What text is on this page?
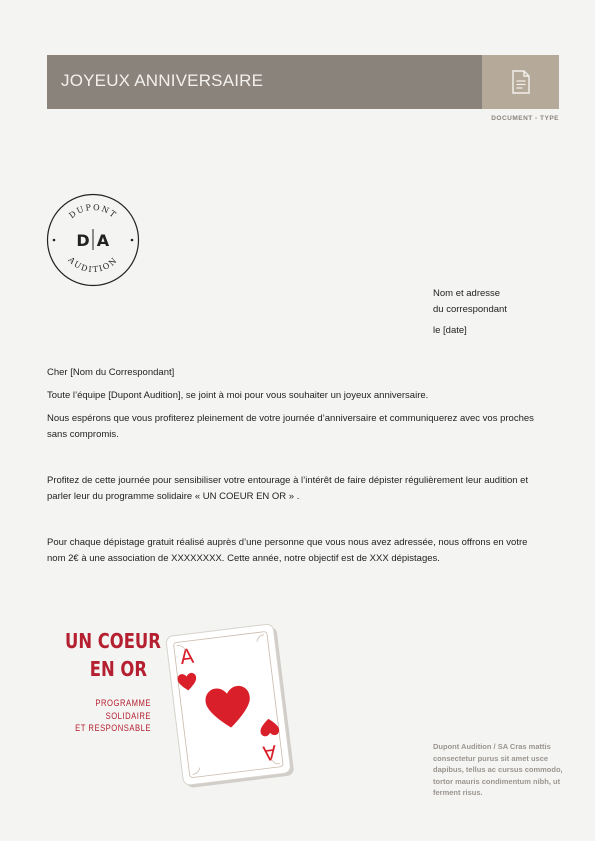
JOYEUX ANNIVERSAIRE
DOCUMENT - TYPE
DUPONT
AUDITION
D A
Nom et adresse
du correspondant
le [date]
Cher [Nom du Correspondant]
Toute l’équipe [Dupont Audition], se joint à moi pour vous souhaiter un joyeux anniversaire.
Nous espérons que vous profiterez pleinement de votre journée d’anniversaire et communiquerez avec vos proches sans compromis.
Profitez de cette journée pour sensibiliser votre entourage à l’intérêt de faire dépister régulièrement leur audition et parler leur du programme solidaire « UN COEUR EN OR » .
Pour chaque dépistage gratuit réalisé auprès d’une personne que vous nous avez adressée, nous offrons en votre nom 2€ à une association de XXXXXXXX. Cette année, notre objectif est de XXX dépistages.
UN COEUR
EN OR
PROGRAMME
SOLIDAIRE
ET RESPONSABLE
A
A	Dupont Audition / SA Cras mattis consectetur purus sit amet usce dapibus, tellus ac cursus commodo, tortor mauris condimentum nibh, ut ferment risus.
